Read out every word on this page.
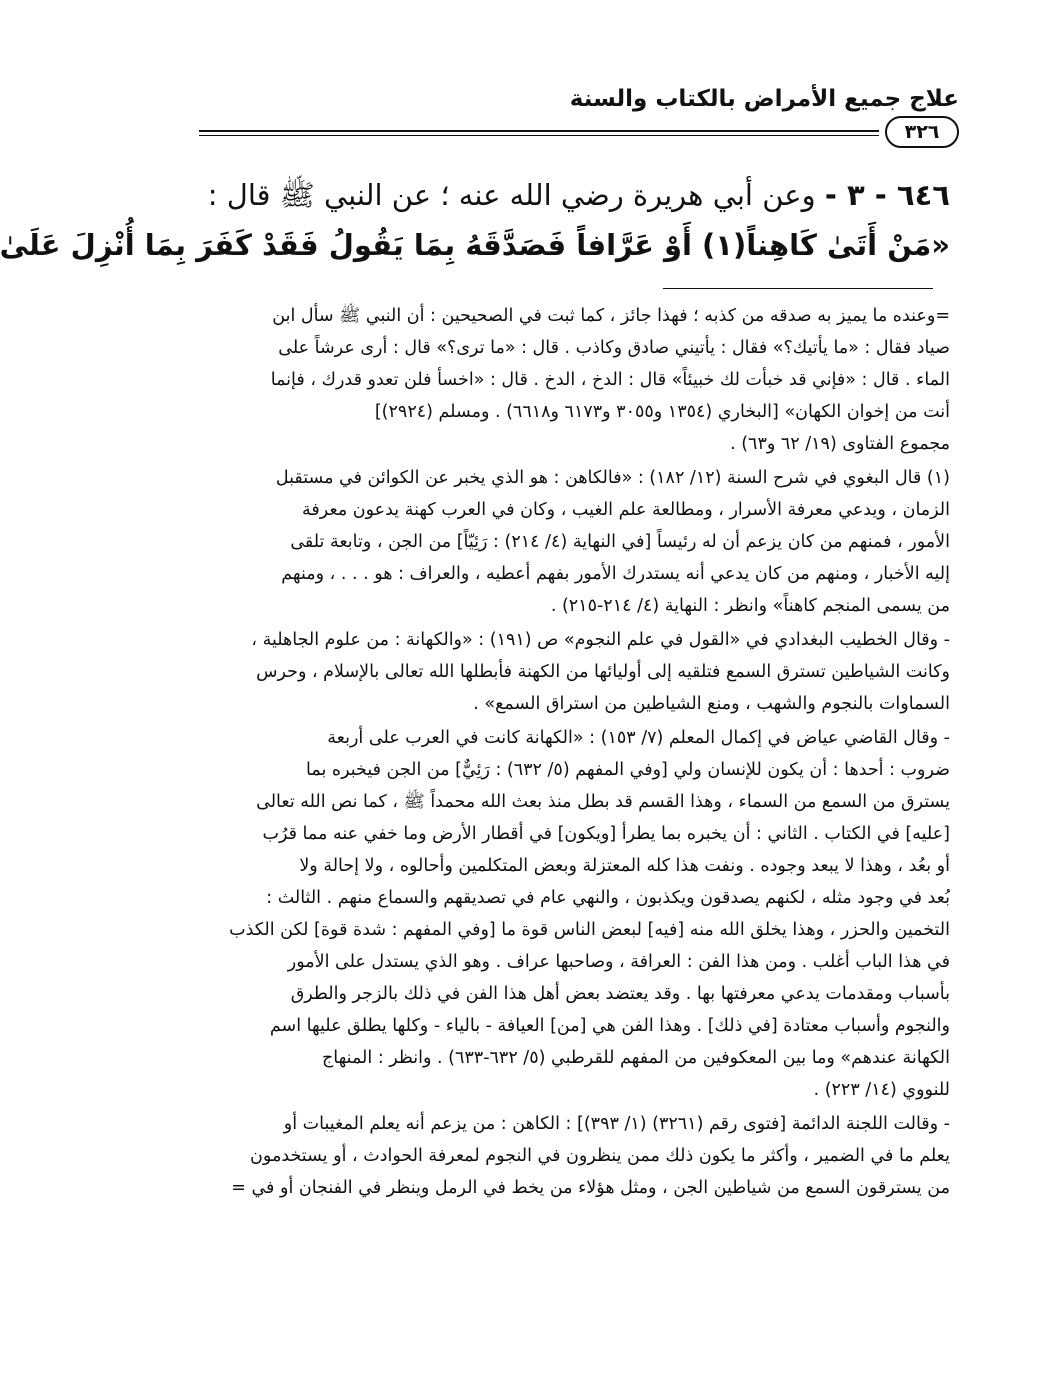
علاج جميع الأمراض بالكتاب والسنة
٣٢٦

٦٤٦ - ٣ - وعن أبي هريرة رضي الله عنه ؛ عن النبي ﷺ قال :

«مَنْ أَتَىٰ كَاهِناً(١) أَوْ عَرَّافاً فَصَدَّقَهُ بِمَا يَقُولُ فَقَدْ كَفَرَ بِمَا أُنْزِلَ عَلَىٰ

=وعنده ما يميز به صدقه من كذبه ؛ فهذا جائز ، كما ثبت في الصحيحين : أن النبي ﷺ سأل ابن
صياد فقال : «ما يأتيك؟» فقال : يأتيني صادق وكاذب . قال : «ما ترى؟» قال : أرى عرشاً على
الماء . قال : «فإني قد خبأت لك خبيئاً» قال : الدخ ، الدخ . قال : «اخسأ فلن تعدو قدرك ، فإنما
أنت من إخوان الكهان» [البخاري (١٣٥٤ و٣٠٥٥ و٦١٧٣ و٦٦١٨) . ومسلم (٢٩٢٤)]
مجموع الفتاوى (١٩/ ٦٢ و٦٣) .
(١) قال البغوي في شرح السنة (١٢/ ١٨٢) : «فالكاهن : هو الذي يخبر عن الكوائن في مستقبل
الزمان ، ويدعي معرفة الأسرار ، ومطالعة علم الغيب ، وكان في العرب كهنة يدعون معرفة
الأمور ، فمنهم من كان يزعم أن له رئيساً [في النهاية (٤/ ٢١٤) : رَئِيّاً] من الجن ، وتابعة تلقى
إليه الأخبار ، ومنهم من كان يدعي أنه يستدرك الأمور بفهم أعطيه ، والعراف : هو . . . ، ومنهم
من يسمى المنجم كاهناً» وانظر : النهاية (٤/ ٢١٤-٢١٥) .
- وقال الخطيب البغدادي في «القول في علم النجوم» ص (١٩١) : «والكهانة : من علوم الجاهلية ،
وكانت الشياطين تسترق السمع فتلقيه إلى أوليائها من الكهنة فأبطلها الله تعالى بالإسلام ، وحرس
السماوات بالنجوم والشهب ، ومنع الشياطين من استراق السمع» .
- وقال القاضي عياض في إكمال المعلم (٧/ ١٥٣) : «الكهانة كانت في العرب على أربعة
ضروب : أحدها : أن يكون للإنسان ولي [وفي المفهم (٥/ ٦٣٢) : رَئِيٌّ] من الجن فيخبره بما
يسترق من السمع من السماء ، وهذا القسم قد بطل منذ بعث الله محمداً ﷺ ، كما نص الله تعالى
[عليه] في الكتاب . الثاني : أن يخبره بما يطرأ [ويكون] في أقطار الأرض وما خفي عنه مما قرُب
أو بعُد ، وهذا لا يبعد وجوده . ونفت هذا كله المعتزلة وبعض المتكلمين وأحالوه ، ولا إحالة ولا
بُعد في وجود مثله ، لكنهم يصدقون ويكذبون ، والنهي عام في تصديقهم والسماع منهم . الثالث :
التخمين والحزر ، وهذا يخلق الله منه [فيه] لبعض الناس قوة ما [وفي المفهم : شدة قوة] لكن الكذب
في هذا الباب أغلب . ومن هذا الفن : العرافة ، وصاحبها عراف . وهو الذي يستدل على الأمور
بأسباب ومقدمات يدعي معرفتها بها . وقد يعتضد بعض أهل هذا الفن في ذلك بالزجر والطرق
والنجوم وأسباب معتادة [في ذلك] . وهذا الفن هي [من] العيافة - بالياء - وكلها يطلق عليها اسم
الكهانة عندهم» وما بين المعكوفين من المفهم للقرطبي (٥/ ٦٣٢-٦٣٣) . وانظر : المنهاج
للنووي (١٤/ ٢٢٣) .
- وقالت اللجنة الدائمة [فتوى رقم (٣٢٦١) (١/ ٣٩٣)] : الكاهن : من يزعم أنه يعلم المغيبات أو
يعلم ما في الضمير ، وأكثر ما يكون ذلك ممن ينظرون في النجوم لمعرفة الحوادث ، أو يستخدمون
من يسترقون السمع من شياطين الجن ، ومثل هؤلاء من يخط في الرمل وينظر في الفنجان أو في =
